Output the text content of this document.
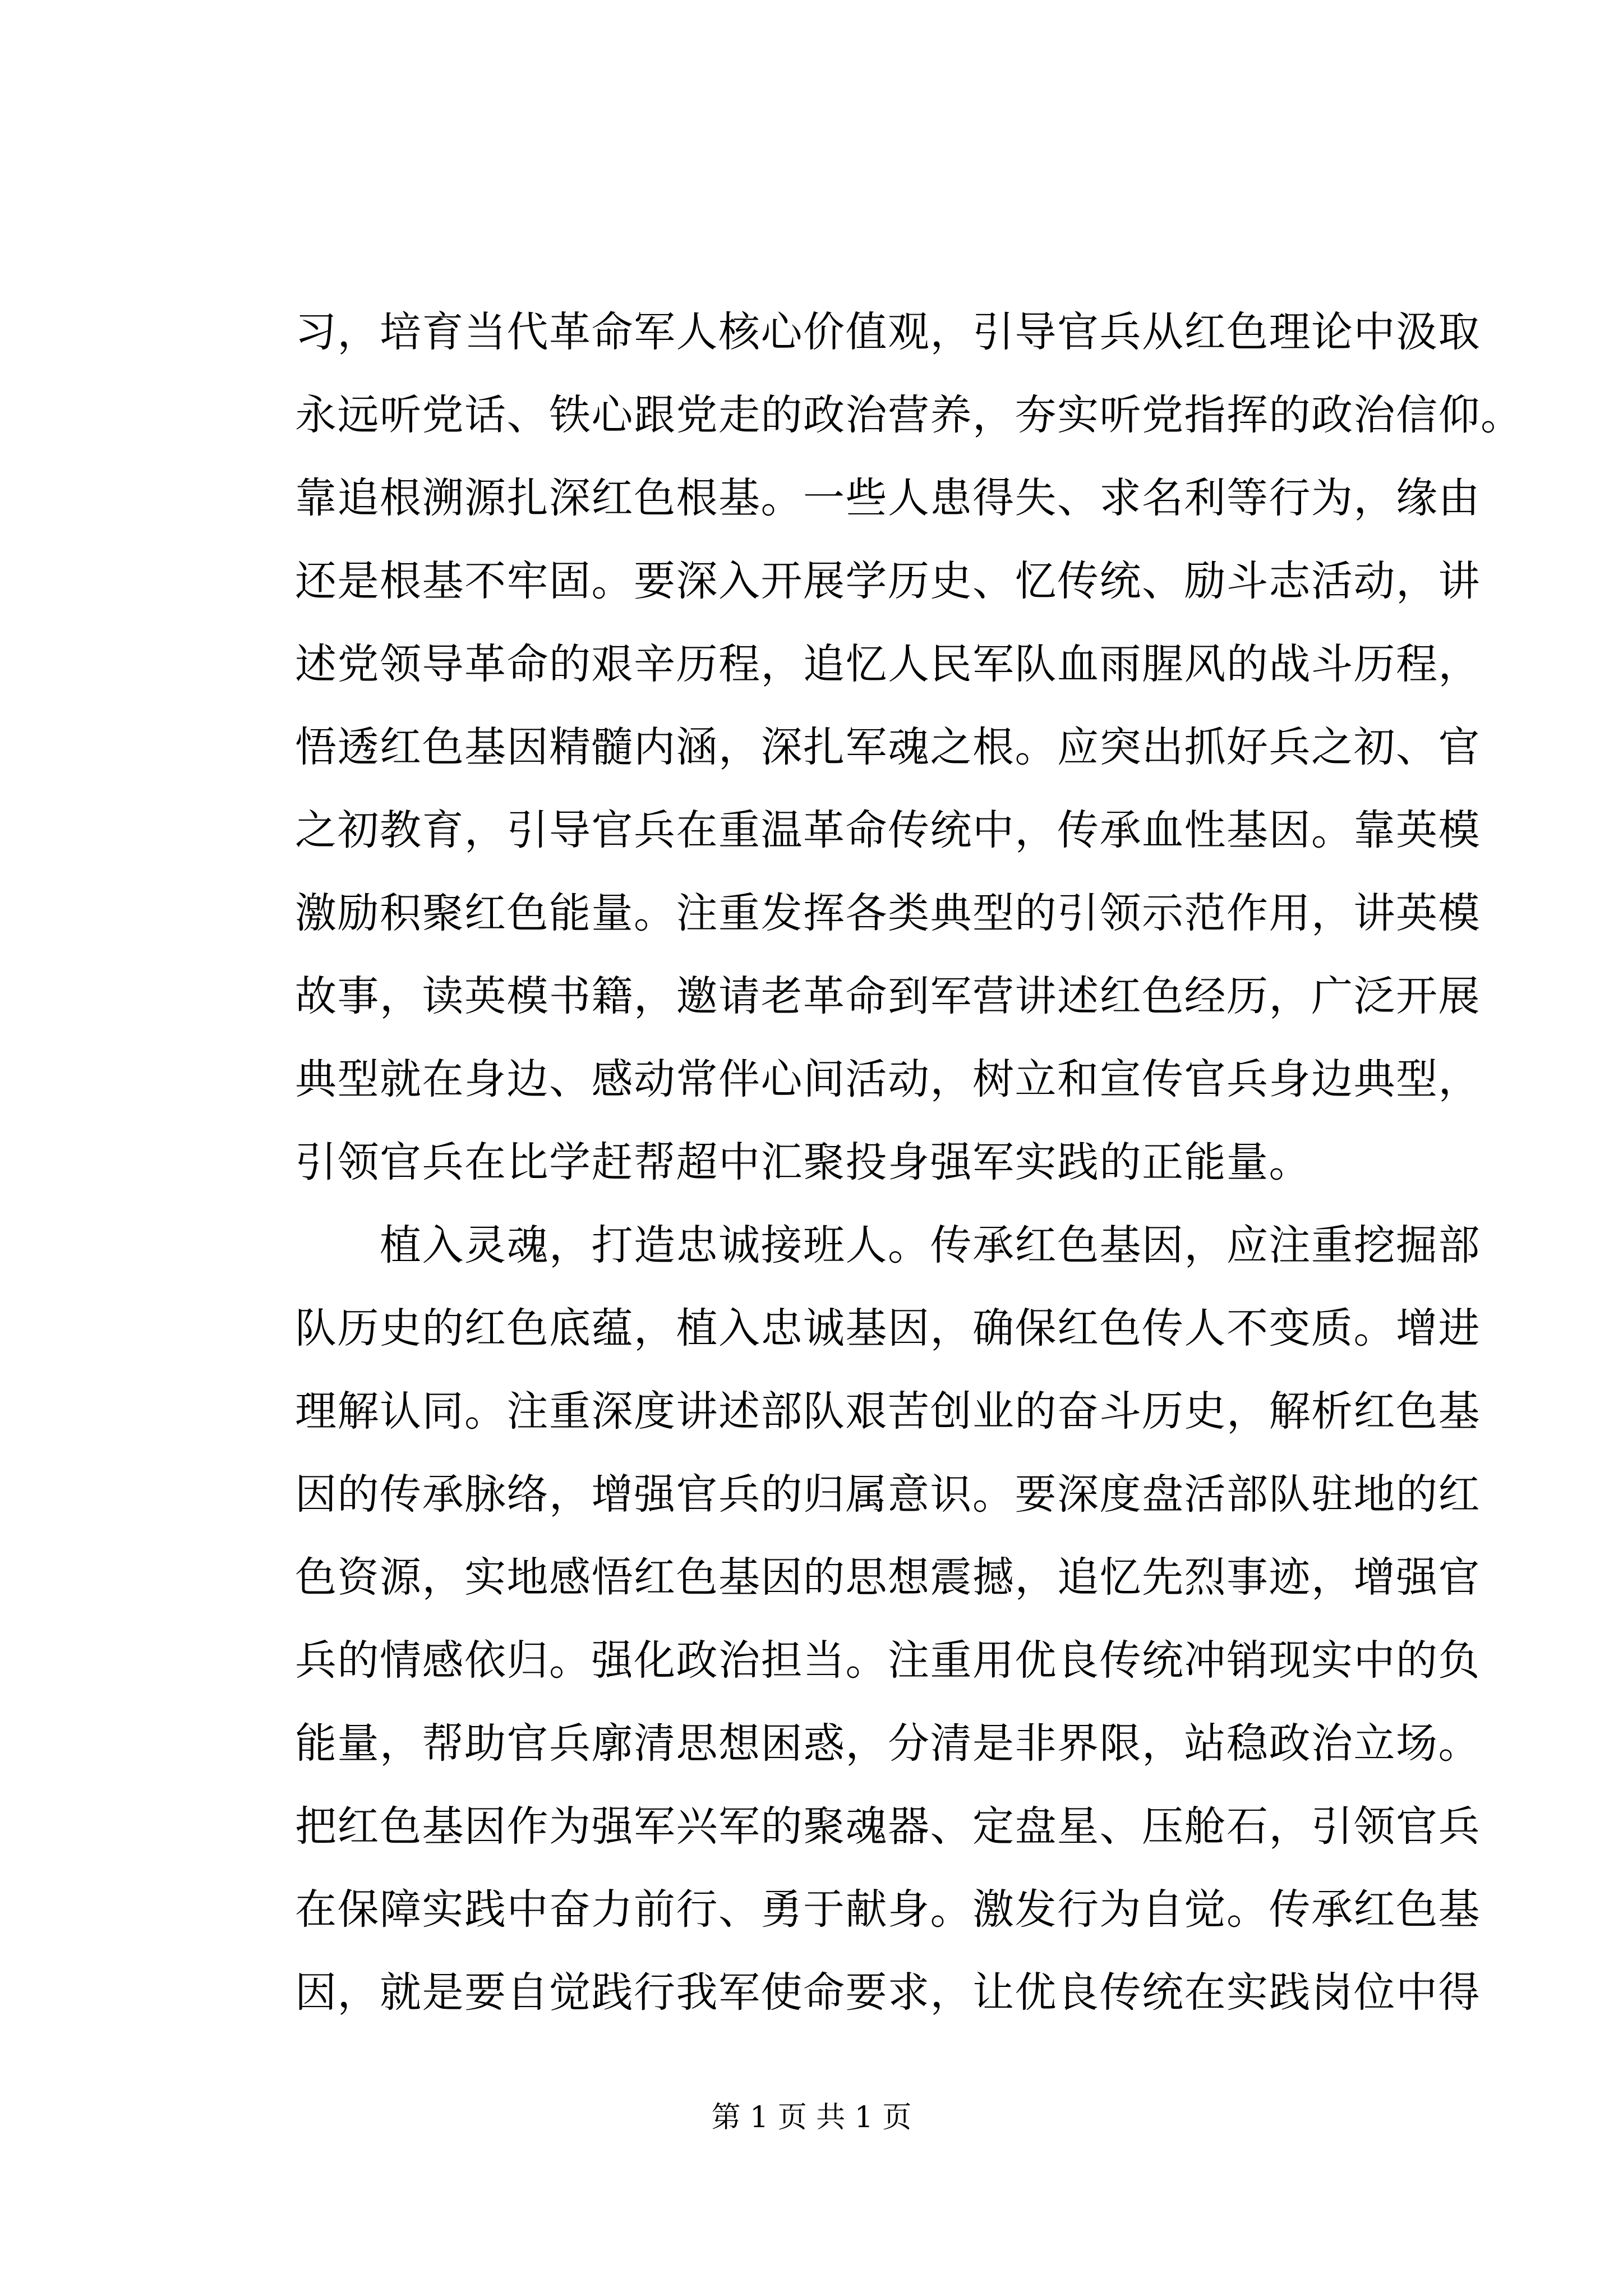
习，培育当代革命军人核心价值观，引导官兵从红色理论中汲取
永远听党话、铁心跟党走的政治营养，夯实听党指挥的政治信仰。
靠追根溯源扎深红色根基。一些人患得失、求名利等行为，缘由
还是根基不牢固。要深入开展学历史、忆传统、励斗志活动，讲
述党领导革命的艰辛历程，追忆人民军队血雨腥风的战斗历程，
悟透红色基因精髓内涵，深扎军魂之根。应突出抓好兵之初、官
之初教育，引导官兵在重温革命传统中，传承血性基因。靠英模
激励积聚红色能量。注重发挥各类典型的引领示范作用，讲英模
故事，读英模书籍，邀请老革命到军营讲述红色经历，广泛开展
典型就在身边、感动常伴心间活动，树立和宣传官兵身边典型，
引领官兵在比学赶帮超中汇聚投身强军实践的正能量。
　　植入灵魂，打造忠诚接班人。传承红色基因，应注重挖掘部
队历史的红色底蕴，植入忠诚基因，确保红色传人不变质。增进
理解认同。注重深度讲述部队艰苦创业的奋斗历史，解析红色基
因的传承脉络，增强官兵的归属意识。要深度盘活部队驻地的红
色资源，实地感悟红色基因的思想震撼，追忆先烈事迹，增强官
兵的情感依归。强化政治担当。注重用优良传统冲销现实中的负
能量，帮助官兵廓清思想困惑，分清是非界限，站稳政治立场。
把红色基因作为强军兴军的聚魂器、定盘星、压舱石，引领官兵
在保障实践中奋力前行、勇于献身。激发行为自觉。传承红色基
因，就是要自觉践行我军使命要求，让优良传统在实践岗位中得
第 1 页 共 1 页
